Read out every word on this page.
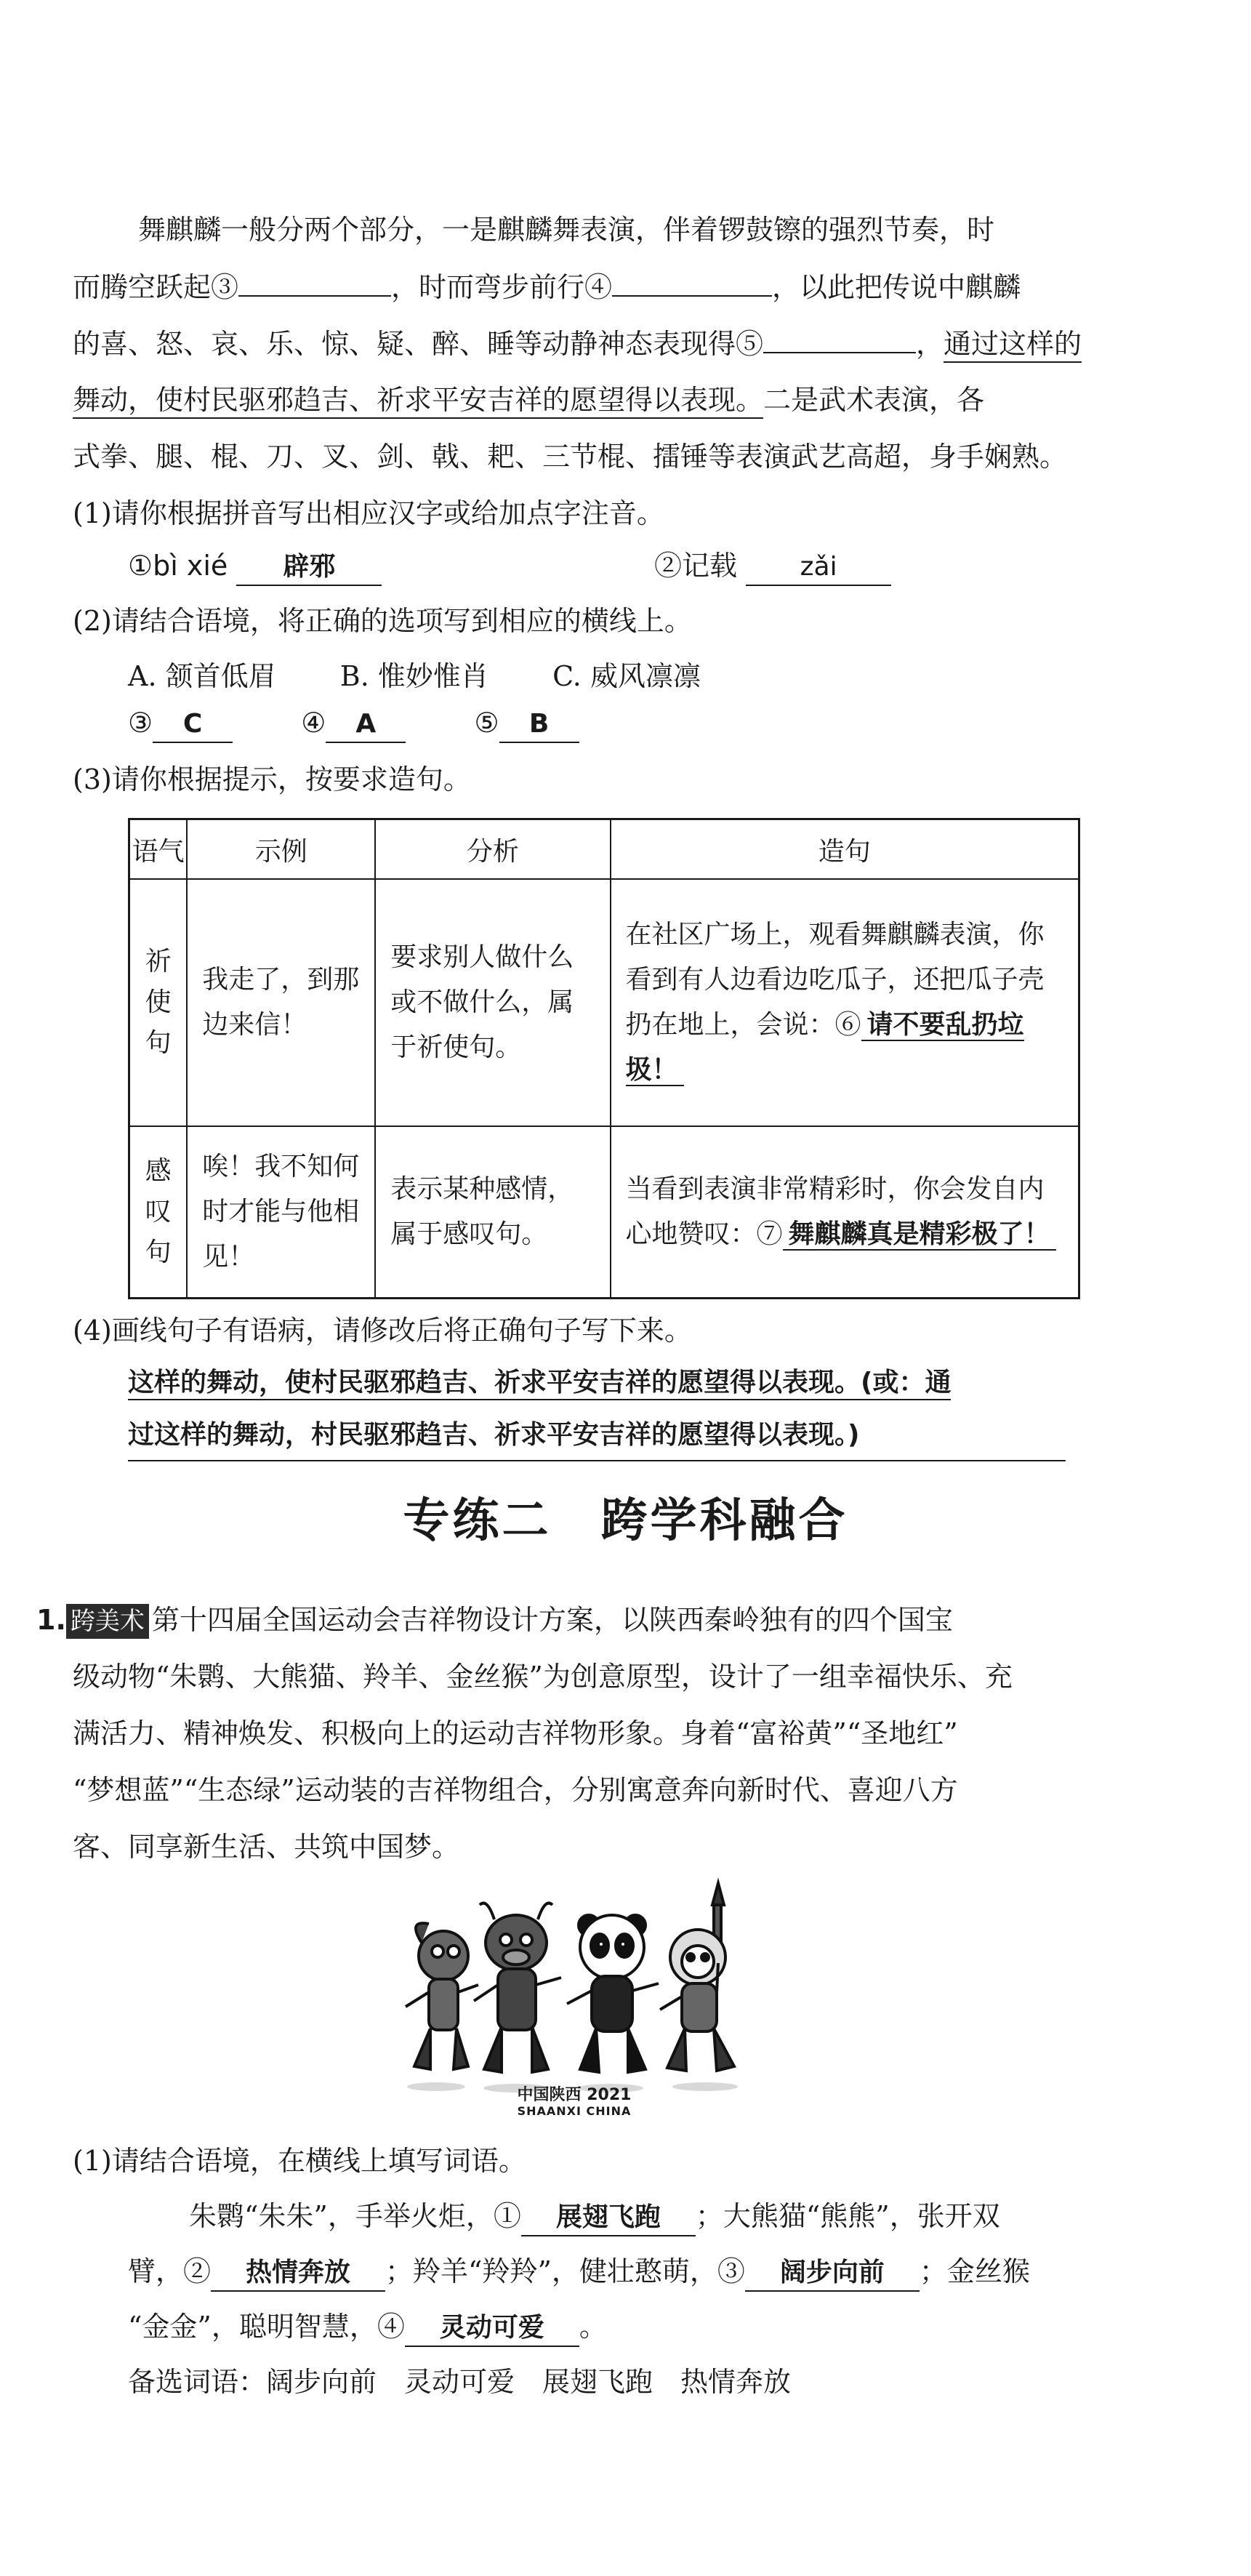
舞麒麟一般分两个部分，一是麒麟舞表演，伴着锣鼓镲的强烈节奏，时
而腾空跃起③	，时而弯步前行④	，以此把传说中麒麟
的喜、怒、哀、乐、惊、疑、醉、睡等动静神态表现得⑤	，通过这样的
舞动，使村民驱邪趋吉、祈求平安吉祥的愿望得以表现。二是武术表演，各
式拳、腿、棍、刀、叉、剑、戟、耙、三节棍、擂锤等表演武艺高超，身手娴熟。
(1)请你根据拼音写出相应汉字或给加点字注音。
①bì xié 辟邪	②记载 zǎi
(2)请结合语境，将正确的选项写到相应的横线上。
A. 颔首低眉 B. 惟妙惟肖 C. 威风凛凛
③ C	④ A	⑤ B
(3)请你根据提示，按要求造句。
语气	示例	分析	造句

祈使句	我走了，到那边来信！	要求别人做什么或不做什么，属于祈使句。	在社区广场上，观看舞麒麟表演，你看到有人边看边吃瓜子，还把瓜子壳扔在地上，会说：⑥ 请不要乱扔垃圾！

感叹句	唉！我不知何时才能与他相见！	表示某种感情，属于感叹句。	当看到表演非常精彩时，你会发自内心地赞叹：⑦ 舞麒麟真是精彩极了！
(4)画线句子有语病，请修改后将正确句子写下来。
这样的舞动，使村民驱邪趋吉、祈求平安吉祥的愿望得以表现。(或：通
过这样的舞动，村民驱邪趋吉、祈求平安吉祥的愿望得以表现。)
专练二　跨学科融合
1. 跨美术 第十四届全国运动会吉祥物设计方案，以陕西秦岭独有的四个国宝
级动物“朱鹮、大熊猫、羚羊、金丝猴”为创意原型，设计了一组幸福快乐、充
满活力、精神焕发、积极向上的运动吉祥物形象。身着“富裕黄”“圣地红”
“梦想蓝”“生态绿”运动装的吉祥物组合，分别寓意奔向新时代、喜迎八方
客、同享新生活、共筑中国梦。
中国陕西 2021
SHAANXI CHINA
(1)请结合语境，在横线上填写词语。
朱鹮“朱朱”，手举火炬，① 展翅飞跑 ；大熊猫“熊熊”，张开双
臂，② 热情奔放 ；羚羊“羚羚”，健壮憨萌，③ 阔步向前 ；金丝猴
“金金”，聪明智慧，④ 灵动可爱 。
备选词语：阔步向前　灵动可爱　展翅飞跑　热情奔放
